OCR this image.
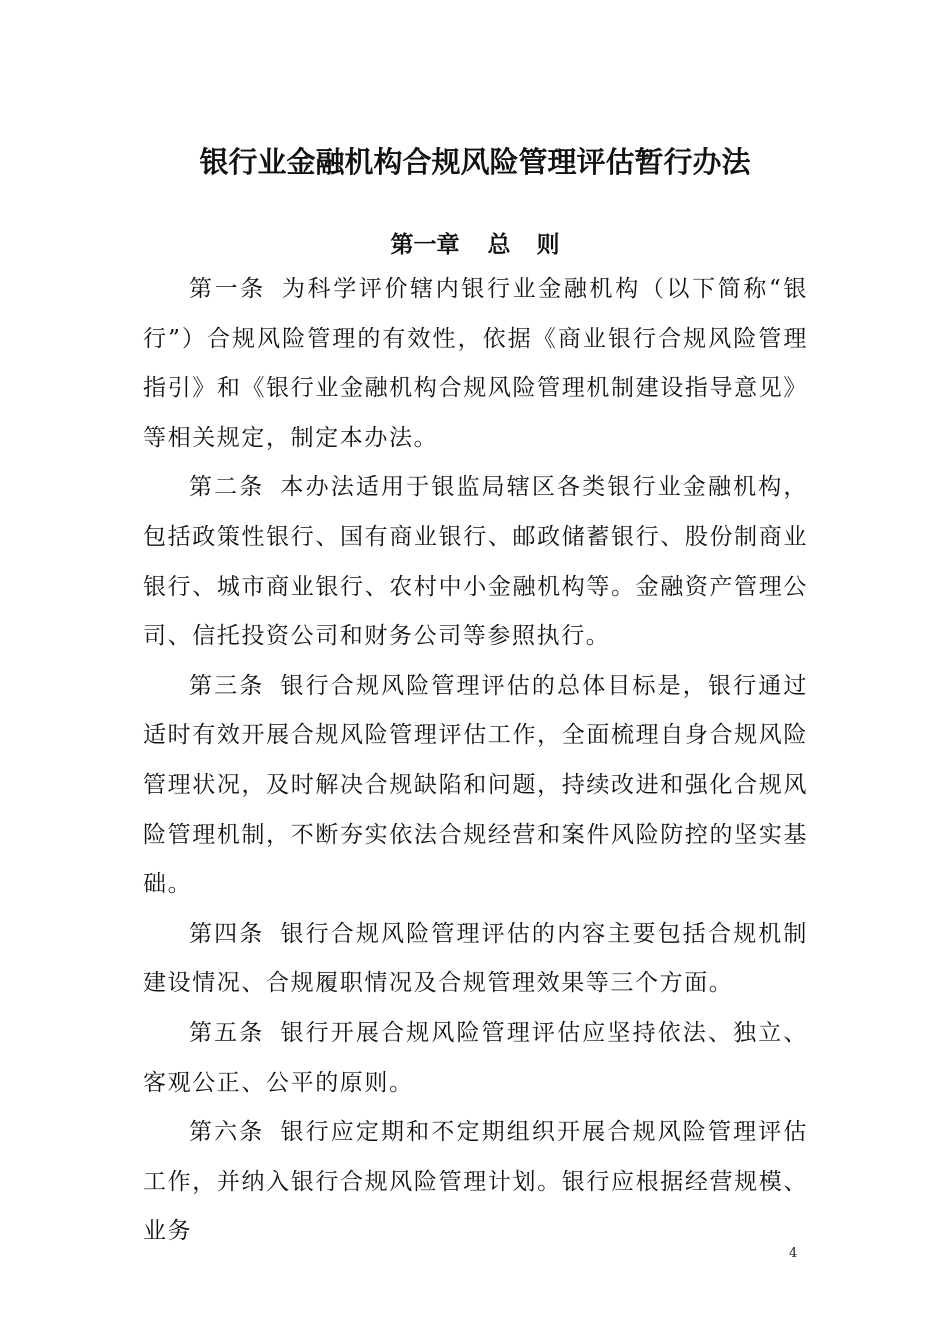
银行业金融机构合规风险管理评估暂行办法
第一章 总 则

第一条 为科学评价辖内银行业金融机构（以下简称“银行”）合规风险管理的有效性，依据《商业银行合规风险管理指引》和《银行业金融机构合规风险管理机制建设指导意见》等相关规定，制定本办法。

第二条 本办法适用于银监局辖区各类银行业金融机构，包括政策性银行、国有商业银行、邮政储蓄银行、股份制商业银行、城市商业银行、农村中小金融机构等。金融资产管理公司、信托投资公司和财务公司等参照执行。

第三条 银行合规风险管理评估的总体目标是，银行通过适时有效开展合规风险管理评估工作，全面梳理自身合规风险管理状况，及时解决合规缺陷和问题，持续改进和强化合规风险管理机制，不断夯实依法合规经营和案件风险防控的坚实基础。

第四条 银行合规风险管理评估的内容主要包括合规机制建设情况、合规履职情况及合规管理效果等三个方面。

第五条 银行开展合规风险管理评估应坚持依法、独立、客观公正、公平的原则。

第六条 银行应定期和不定期组织开展合规风险管理评估工作，并纳入银行合规风险管理计划。银行应根据经营规模、业务

4
